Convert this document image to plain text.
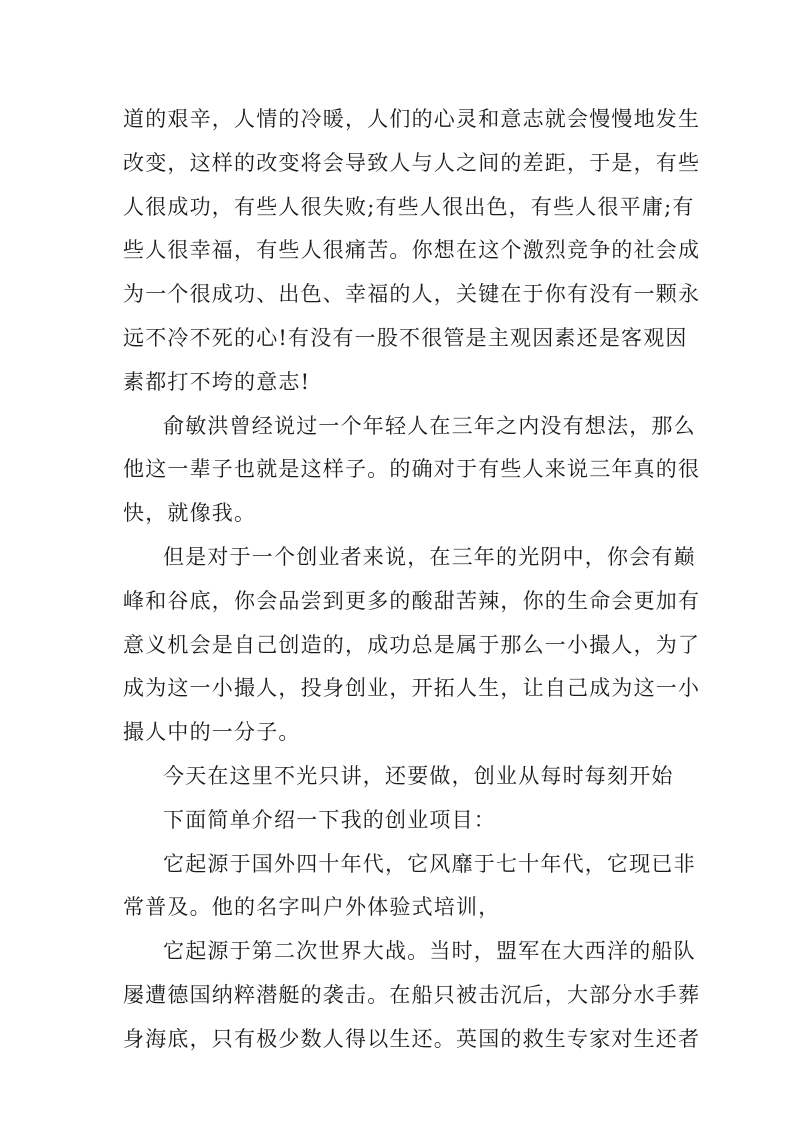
道的艰辛，人情的冷暖，人们的心灵和意志就会慢慢地发生
改变，这样的改变将会导致人与人之间的差距，于是，有些
人很成功，有些人很失败;有些人很出色，有些人很平庸;有
些人很幸福，有些人很痛苦。你想在这个激烈竞争的社会成
为一个很成功、出色、幸福的人，关键在于你有没有一颗永
远不冷不死的心!有没有一股不很管是主观因素还是客观因
素都打不垮的意志!
俞敏洪曾经说过一个年轻人在三年之内没有想法，那么
他这一辈子也就是这样子。的确对于有些人来说三年真的很
快，就像我。
但是对于一个创业者来说，在三年的光阴中，你会有巅
峰和谷底，你会品尝到更多的酸甜苦辣，你的生命会更加有
意义机会是自己创造的，成功总是属于那么一小撮人，为了
成为这一小撮人，投身创业，开拓人生，让自己成为这一小
撮人中的一分子。
今天在这里不光只讲，还要做，创业从每时每刻开始
下面简单介绍一下我的创业项目：
它起源于国外四十年代，它风靡于七十年代，它现已非
常普及。他的名字叫户外体验式培训，
它起源于第二次世界大战。当时，盟军在大西洋的船队
屡遭德国纳粹潜艇的袭击。在船只被击沉后，大部分水手葬
身海底，只有极少数人得以生还。英国的救生专家对生还者
